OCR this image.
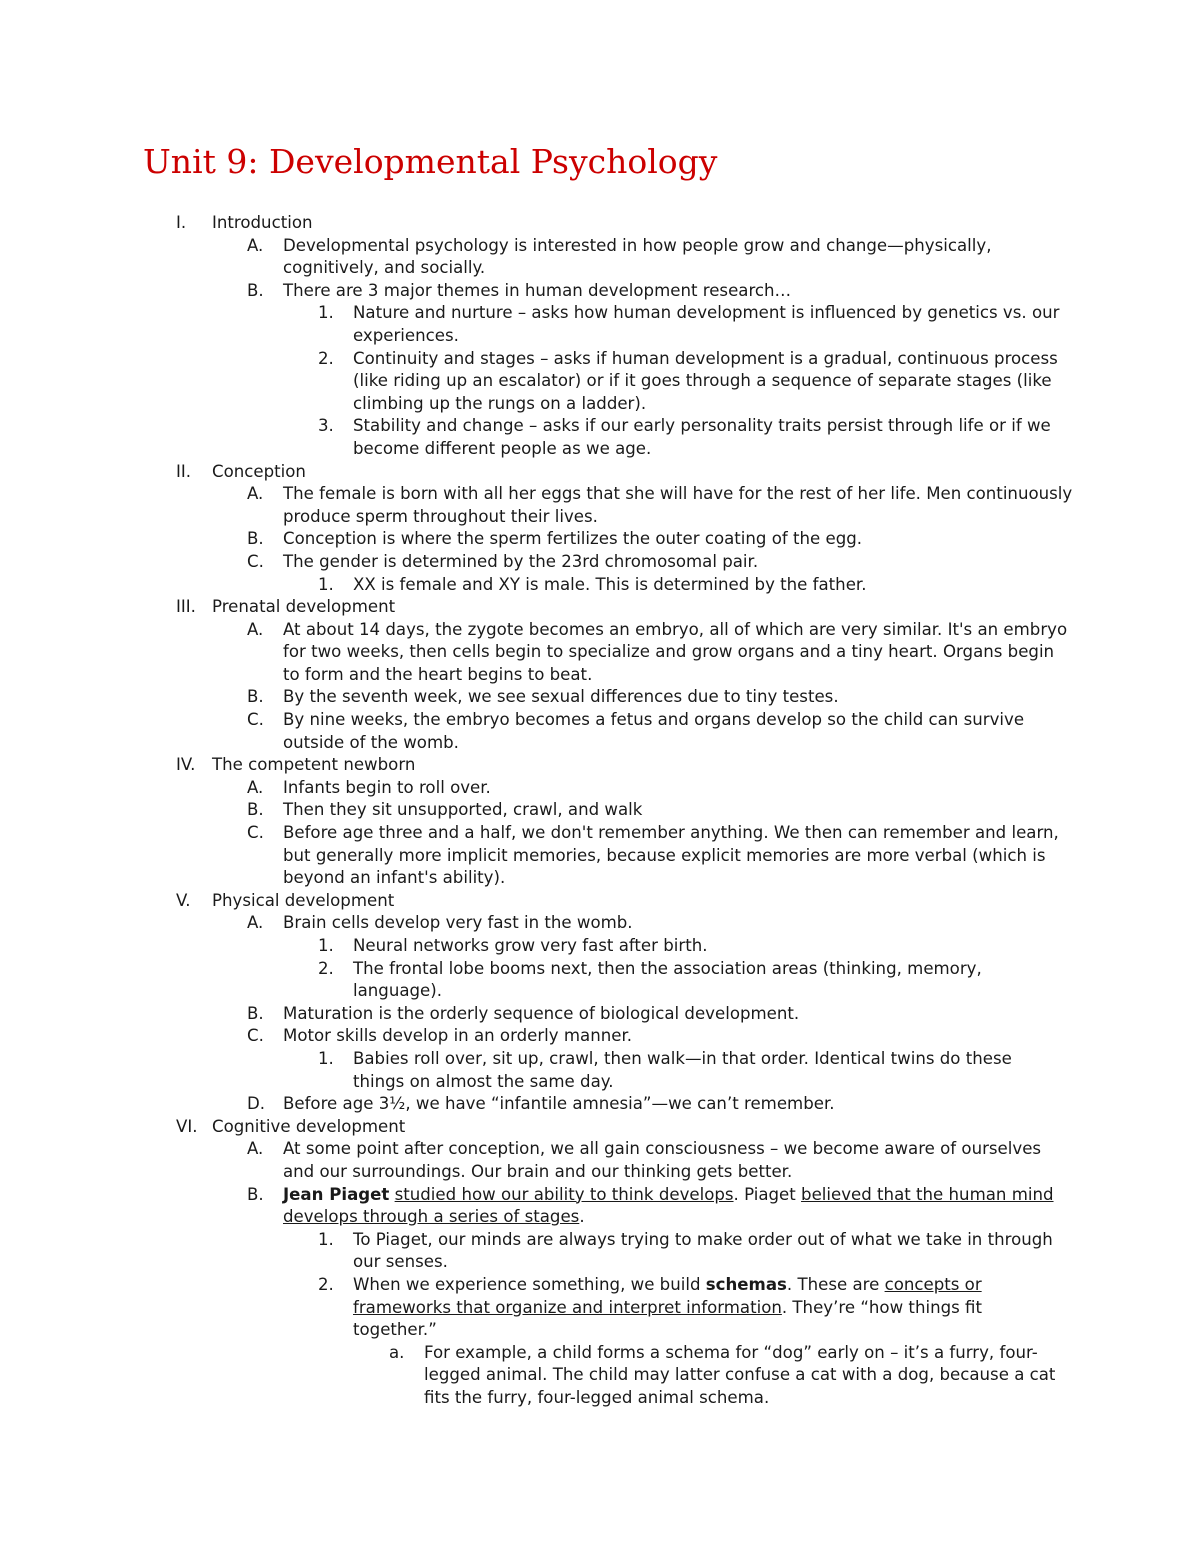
Unit 9: Developmental Psychology
I. Introduction
A. Developmental psychology is interested in how people grow and change—physically, cognitively, and socially.
B. There are 3 major themes in human development research…
1. Nature and nurture – asks how human development is influenced by genetics vs. our experiences.
2. Continuity and stages – asks if human development is a gradual, continuous process (like riding up an escalator) or if it goes through a sequence of separate stages (like climbing up the rungs on a ladder).
3. Stability and change – asks if our early personality traits persist through life or if we become different people as we age.
II. Conception
A. The female is born with all her eggs that she will have for the rest of her life. Men continuously produce sperm throughout their lives.
B. Conception is where the sperm fertilizes the outer coating of the egg.
C. The gender is determined by the 23rd chromosomal pair.
1. XX is female and XY is male. This is determined by the father.
III. Prenatal development
A. At about 14 days, the zygote becomes an embryo, all of which are very similar. It's an embryo for two weeks, then cells begin to specialize and grow organs and a tiny heart. Organs begin to form and the heart begins to beat.
B. By the seventh week, we see sexual differences due to tiny testes.
C. By nine weeks, the embryo becomes a fetus and organs develop so the child can survive outside of the womb.
IV. The competent newborn
A. Infants begin to roll over.
B. Then they sit unsupported, crawl, and walk
C. Before age three and a half, we don't remember anything. We then can remember and learn, but generally more implicit memories, because explicit memories are more verbal (which is beyond an infant's ability).
V. Physical development
A. Brain cells develop very fast in the womb.
1. Neural networks grow very fast after birth.
2. The frontal lobe booms next, then the association areas (thinking, memory, language).
B. Maturation is the orderly sequence of biological development.
C. Motor skills develop in an orderly manner.
1. Babies roll over, sit up, crawl, then walk—in that order. Identical twins do these things on almost the same day.
D. Before age 3½, we have “infantile amnesia”—we can’t remember.
VI. Cognitive development
A. At some point after conception, we all gain consciousness – we become aware of ourselves and our surroundings. Our brain and our thinking gets better.
B. Jean Piaget studied how our ability to think develops. Piaget believed that the human mind develops through a series of stages.
1. To Piaget, our minds are always trying to make order out of what we take in through our senses.
2. When we experience something, we build schemas. These are concepts or frameworks that organize and interpret information. They’re “how things fit together.”
a. For example, a child forms a schema for “dog” early on – it’s a furry, four-legged animal. The child may latter confuse a cat with a dog, because a cat fits the furry, four-legged animal schema.
